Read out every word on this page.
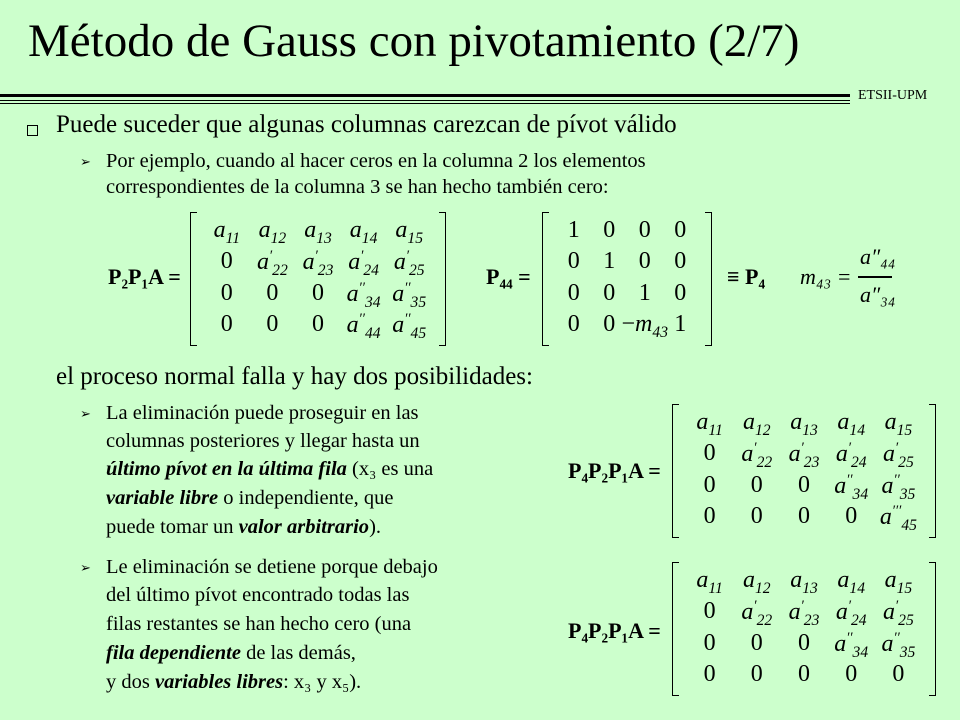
Método de Gauss con pivotamiento (2/7)
ETSII-UPM
Puede suceder que algunas columnas carezcan de pívot válido
➢ Por ejemplo, cuando al hacer ceros en la columna 2 los elementos
correspondientes de la columna 3 se han hecho también cero:
P₂P₁A =
$a_{11}$ $a_{12}$ $a_{13}$ $a_{14}$ $a_{15}$
0 $a'_{22}$ $a'_{23}$ $a'_{24}$ $a'_{25}$
0 0 0 $a''_{34}$ $a''_{35}$
0 0 0 $a''_{44}$ $a''_{45}$
P₄₄ =
1 0 0 0
0 1 0 0
0 0 1 0
0 $0 -m_{43}$ 1
≡ P₄ m₄₃ =
a″₄₄
a″₃₄
el proceso normal falla y hay dos posibilidades:
➢ La eliminación puede proseguir en las
columnas posteriores y llegar hasta un
último pívot en la última fila (x₃ es una
variable libre o independiente, que
puede tomar un valor arbitrario).
P₄P₂P₁A =
$a_{11}$ $a_{12}$ $a_{13}$ $a_{14}$ $a_{15}$
0 $a'_{22}$ $a'_{23}$ $a'_{24}$ $a'_{25}$
0 0 0 $a''_{34}$ $a''_{35}$
0 0 0 0 $a'''_{45}$
➢ Le eliminación se detiene porque debajo
del último pívot encontrado todas las
filas restantes se han hecho cero (una
fila dependiente de las demás,
y dos variables libres: x₃ y x₅).
P₄P₂P₁A =
$a_{11}$ $a_{12}$ $a_{13}$ $a_{14}$ $a_{15}$
0 $a'_{22}$ $a'_{23}$ $a'_{24}$ $a'_{25}$
0 0 0 $a''_{34}$ $a''_{35}$
0 0 0 0 0
